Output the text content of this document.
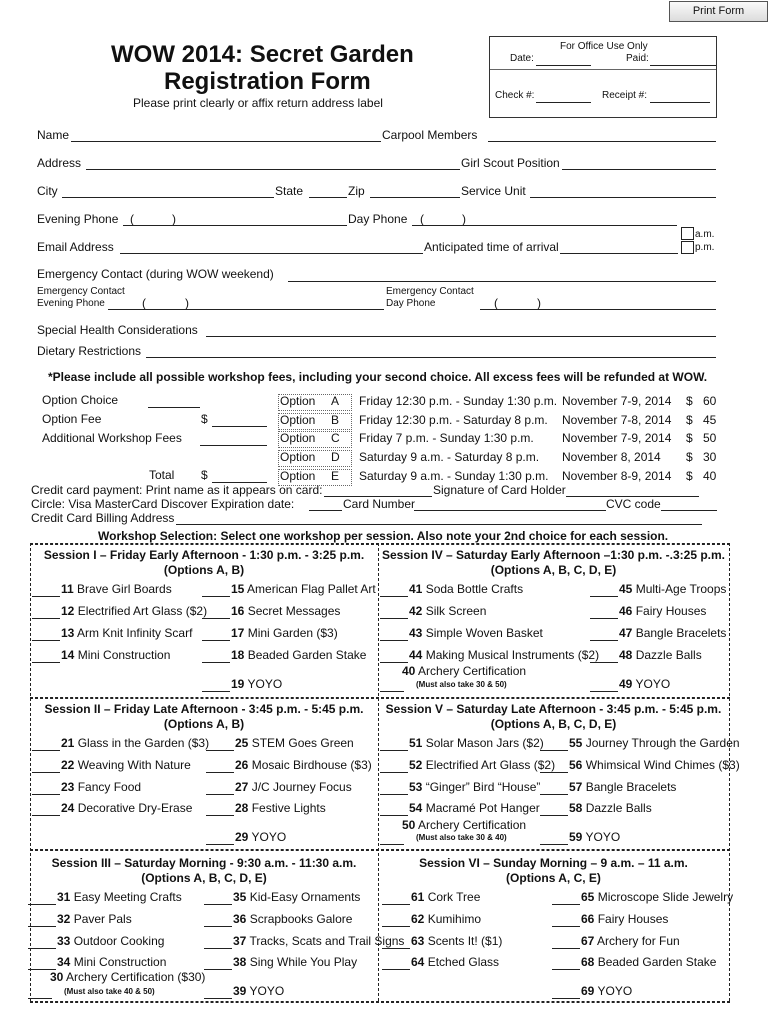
Print Form
For Office Use Only
Date:	Paid:
Check #:	Receipt #:
WOW 2014: Secret Garden
Registration Form
Please print clearly or affix return address label
Name	Carpool Members
Address	Girl Scout Position
City	State	Zip	Service Unit
Evening Phone (	)	Day Phone (	)
a.m.
p.m.
Email Address	Anticipated time of arrival
Emergency Contact (during WOW weekend)
Emergency Contact
Evening Phone	(	)
Emergency Contact
Day Phone	(	)
Special Health Considerations
Dietary Restrictions
*Please include all possible workshop fees, including your second choice. All excess fees will be refunded at WOW.
Option Choice
Option Fee	$
Additional Workshop Fees
Total $
Option A Friday 12:30 p.m. - Sunday 1:30 p.m. November 7-9, 2014 $ 60
Option B Friday 12:30 p.m. - Saturday 8 p.m. November 7-8, 2014 $ 45
Option C Friday 7 p.m. - Sunday 1:30 p.m. November 7-9, 2014 $ 50
Option D Saturday 9 a.m. - Saturday 8 p.m. November 8, 2014 $ 30
Option E Saturday 9 a.m. - Sunday 1:30 p.m. November 8-9, 2014 $ 40
Credit card payment: Print name as it appears on card:	Signature of Card Holder
Circle: Visa MasterCard Discover Expiration date:	Card Number	CVC code
Credit Card Billing Address
Workshop Selection: Select one workshop per session. Also note your 2nd choice for each session.
Session I – Friday Early Afternoon - 1:30 p.m. - 3:25 p.m.
(Options A, B)
11 Brave Girl Boards
12 Electrified Art Glass ($2)
13 Arm Knit Infinity Scarf
14 Mini Construction
15 American Flag Pallet Art
16 Secret Messages
17 Mini Garden ($3)
18 Beaded Garden Stake
19 YOYO
Session IV – Saturday Early Afternoon –1:30 p.m. -.3:25 p.m.
(Options A, B, C, D, E)
41 Soda Bottle Crafts
42 Silk Screen
43 Simple Woven Basket
44 Making Musical Instruments ($2)
40 Archery Certification
(Must also take 30 & 50)
45 Multi-Age Troops
46 Fairy Houses
47 Bangle Bracelets
48 Dazzle Balls
49 YOYO
Session II – Friday Late Afternoon - 3:45 p.m. - 5:45 p.m.
(Options A, B)
21 Glass in the Garden ($3)
22 Weaving With Nature
23 Fancy Food
24 Decorative Dry-Erase
25 STEM Goes Green
26 Mosaic Birdhouse ($3)
27 J/C Journey Focus
28 Festive Lights
29 YOYO
Session V – Saturday Late Afternoon - 3:45 p.m. - 5:45 p.m.
(Options A, B, C, D, E)
51 Solar Mason Jars ($2)
52 Electrified Art Glass ($2)
53 “Ginger” Bird “House”
54 Macramé Pot Hanger
50 Archery Certification
(Must also take 30 & 40)
55 Journey Through the Garden
56 Whimsical Wind Chimes ($3)
57 Bangle Bracelets
58 Dazzle Balls
59 YOYO
Session III – Saturday Morning - 9:30 a.m. - 11:30 a.m.
(Options A, B, C, D, E)
31 Easy Meeting Crafts
32 Paver Pals
33 Outdoor Cooking
34 Mini Construction
30 Archery Certification ($30)
(Must also take 40 & 50)
35 Kid-Easy Ornaments
36 Scrapbooks Galore
37 Tracks, Scats and Trail Signs
38 Sing While You Play
39 YOYO
Session VI – Sunday Morning – 9 a.m. – 11 a.m.
(Options A, C, E)
61 Cork Tree
62 Kumihimo
63 Scents It! ($1)
64 Etched Glass
65 Microscope Slide Jewelry
66 Fairy Houses
67 Archery for Fun
68 Beaded Garden Stake
69 YOYO
